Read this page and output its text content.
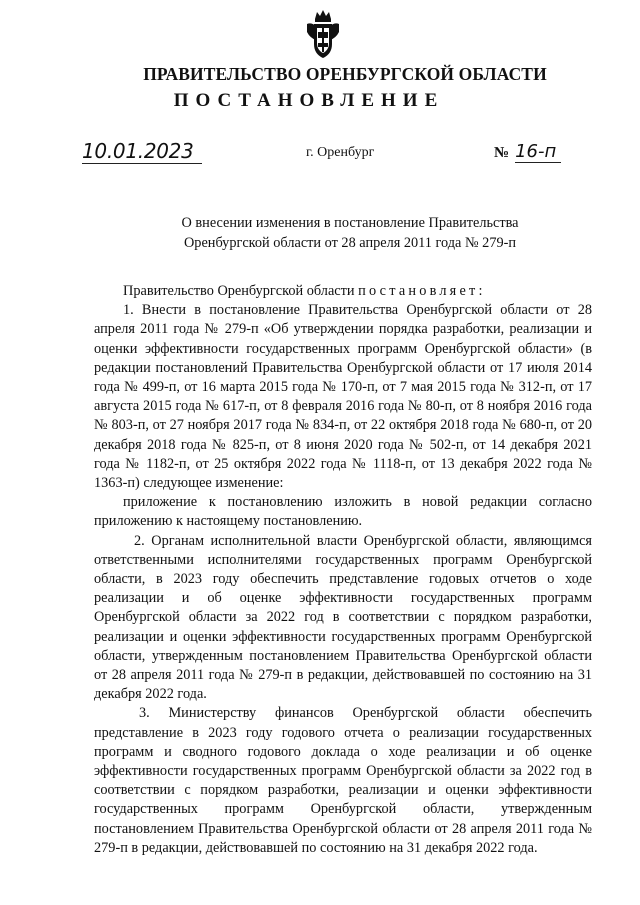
ПРАВИТЕЛЬСТВО ОРЕНБУРГСКОЙ ОБЛАСТИ
ПОСТАНОВЛЕНИЕ
10.01.2023	г. Оренбург	№ 16-п
О внесении изменения в постановление Правительства
Оренбургской области от 28 апреля 2011 года № 279-п

Правительство Оренбургской области постановляет:

1. Внести в постановление Правительства Оренбургской области от 28 апреля 2011 года № 279-п «Об утверждении порядка разработки, реализации и оценки эффективности государственных программ Оренбургской области» (в редакции постановлений Правительства Оренбургской области от 17 июля 2014 года № 499-п, от 16 марта 2015 года № 170-п, от 7 мая 2015 года № 312-п, от 17 августа 2015 года № 617-п, от 8 февраля 2016 года № 80-п, от 8 ноября 2016 года № 803-п, от 27 ноября 2017 года № 834-п, от 22 октября 2018 года № 680-п, от 20 декабря 2018 года № 825-п, от 8 июня 2020 года № 502-п, от 14 декабря 2021 года № 1182-п, от 25 октября 2022 года № 1118-п, от 13 декабря 2022 года № 1363-п) следующее изменение:

приложение к постановлению изложить в новой редакции согласно приложению к настоящему постановлению.

2. Органам исполнительной власти Оренбургской области, являющимся ответственными исполнителями государственных программ Оренбургской области, в 2023 году обеспечить представление годовых отчетов о ходе реализации и об оценке эффективности государственных программ Оренбургской области за 2022 год в соответствии с порядком разработки, реализации и оценки эффективности государственных программ Оренбургской области, утвержденным постановлением Правительства Оренбургской области от 28 апреля 2011 года № 279-п в редакции, действовавшей по состоянию на 31 декабря 2022 года.

3. Министерству финансов Оренбургской области обеспечить представление в 2023 году годового отчета о реализации государственных программ и сводного годового доклада о ходе реализации и об оценке эффективности государственных программ Оренбургской области за 2022 год в соответствии с порядком разработки, реализации и оценки эффективности государственных программ Оренбургской области, утвержденным постановлением Правительства Оренбургской области от 28 апреля 2011 года № 279-п в редакции, действовавшей по состоянию на 31 декабря 2022 года.
